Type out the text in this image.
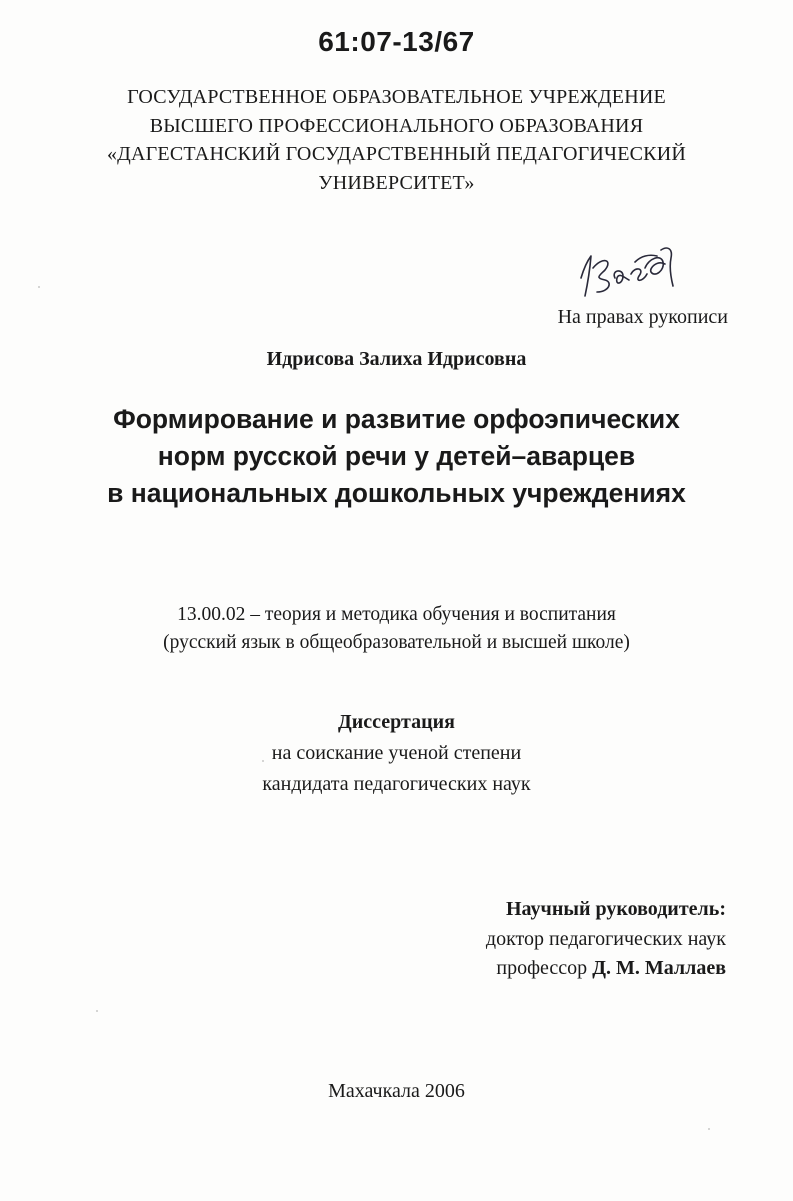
61:07-13/67
ГОСУДАРСТВЕННОЕ ОБРАЗОВАТЕЛЬНОЕ УЧРЕЖДЕНИЕ
ВЫСШЕГО ПРОФЕССИОНАЛЬНОГО ОБРАЗОВАНИЯ
«ДАГЕСТАНСКИЙ ГОСУДАРСТВЕННЫЙ ПЕДАГОГИЧЕСКИЙ
УНИВЕРСИТЕТ»
На правах рукописи
Идрисова Залиха Идрисовна
Формирование и развитие орфоэпических
норм русской речи у детей–аварцев
в национальных дошкольных учреждениях
13.00.02 – теория и методика обучения и воспитания
(русский язык в общеобразовательной и высшей школе)
Диссертация
на соискание ученой степени
кандидата педагогических наук
Научный руководитель:
доктор педагогических наук
профессор Д. М. Маллаев
Махачкала 2006
